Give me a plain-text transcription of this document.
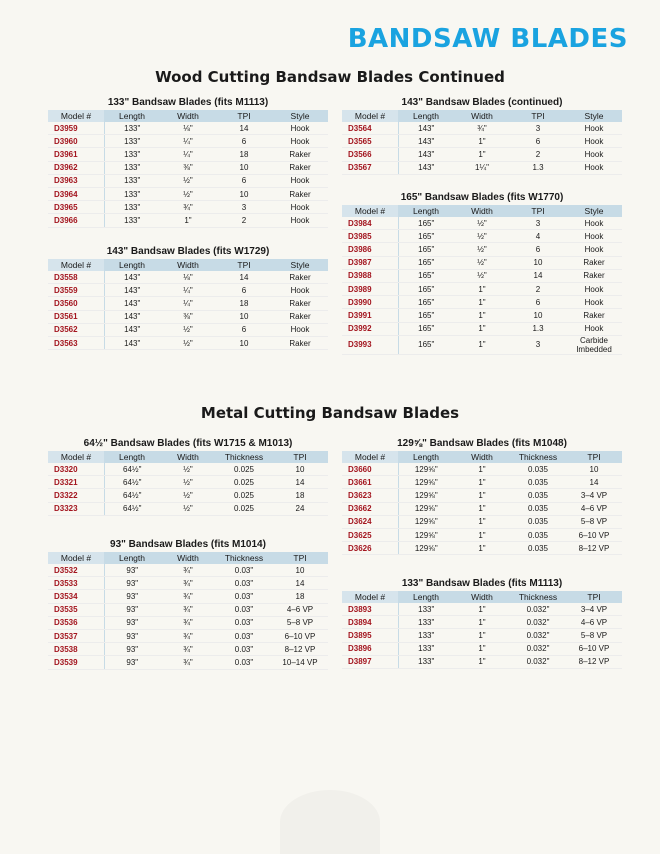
BANDSAW BLADES
Wood Cutting Bandsaw Blades Continued
Metal Cutting Bandsaw Blades
133" Bandsaw Blades (fits M1113)
Model #	Length	Width	TPI	Style
D3959	133"	⅛"	14	Hook
D3960	133"	¼"	6	Hook
D3961	133"	¼"	18	Raker
D3962	133"	⅜"	10	Raker
D3963	133"	½"	6	Hook
D3964	133"	½"	10	Raker
D3965	133"	¾"	3	Hook
D3966	133"	1"	2	Hook
143" Bandsaw Blades (fits W1729)
Model #	Length	Width	TPI	Style
D3558	143"	⅛"	14	Raker
D3559	143"	¼"	6	Hook
D3560	143"	¼"	18	Raker
D3561	143"	⅜"	10	Raker
D3562	143"	½"	6	Hook
D3563	143"	½"	10	Raker
143" Bandsaw Blades (continued)
Model #	Length	Width	TPI	Style
D3564	143"	¾"	3	Hook
D3565	143"	1"	6	Hook
D3566	143"	1"	2	Hook
D3567	143"	1¼"	1.3	Hook
165" Bandsaw Blades (fits W1770)
Model #	Length	Width	TPI	Style
D3984	165"	½"	3	Hook
D3985	165"	½"	4	Hook
D3986	165"	½"	6	Hook
D3987	165"	½"	10	Raker
D3988	165"	½"	14	Raker
D3989	165"	1"	2	Hook
D3990	165"	1"	6	Hook
D3991	165"	1"	10	Raker
D3992	165"	1"	1.3	Hook
D3993	165"	1"	3	Carbide Imbedded
64½" Bandsaw Blades (fits W1715 & M1013)
Model #	Length	Width	Thickness	TPI
D3320	64½"	½"	0.025	10
D3321	64½"	½"	0.025	14
D3322	64½"	½"	0.025	18
D3323	64½"	½"	0.025	24
93" Bandsaw Blades (fits M1014)
Model #	Length	Width	Thickness	TPI
D3532	93"	¾"	0.03"	10
D3533	93"	¾"	0.03"	14
D3534	93"	¾"	0.03"	18
D3535	93"	¾"	0.03"	4–6 VP
D3536	93"	¾"	0.03"	5–8 VP
D3537	93"	¾"	0.03"	6–10 VP
D3538	93"	¾"	0.03"	8–12 VP
D3539	93"	¾"	0.03"	10–14 VP
129⅝" Bandsaw Blades (fits M1048)
Model #	Length	Width	Thickness	TPI
D3660	129⅝"	1"	0.035	10
D3661	129⅝"	1"	0.035	14
D3623	129⅝"	1"	0.035	3–4 VP
D3662	129⅝"	1"	0.035	4–6 VP
D3624	129⅝"	1"	0.035	5–8 VP
D3625	129⅝"	1"	0.035	6–10 VP
D3626	129⅝"	1"	0.035	8–12 VP
133" Bandsaw Blades (fits M1113)
Model #	Length	Width	Thickness	TPI
D3893	133"	1"	0.032"	3–4 VP
D3894	133"	1"	0.032"	4–6 VP
D3895	133"	1"	0.032"	5–8 VP
D3896	133"	1"	0.032"	6–10 VP
D3897	133"	1"	0.032"	8–12 VP
